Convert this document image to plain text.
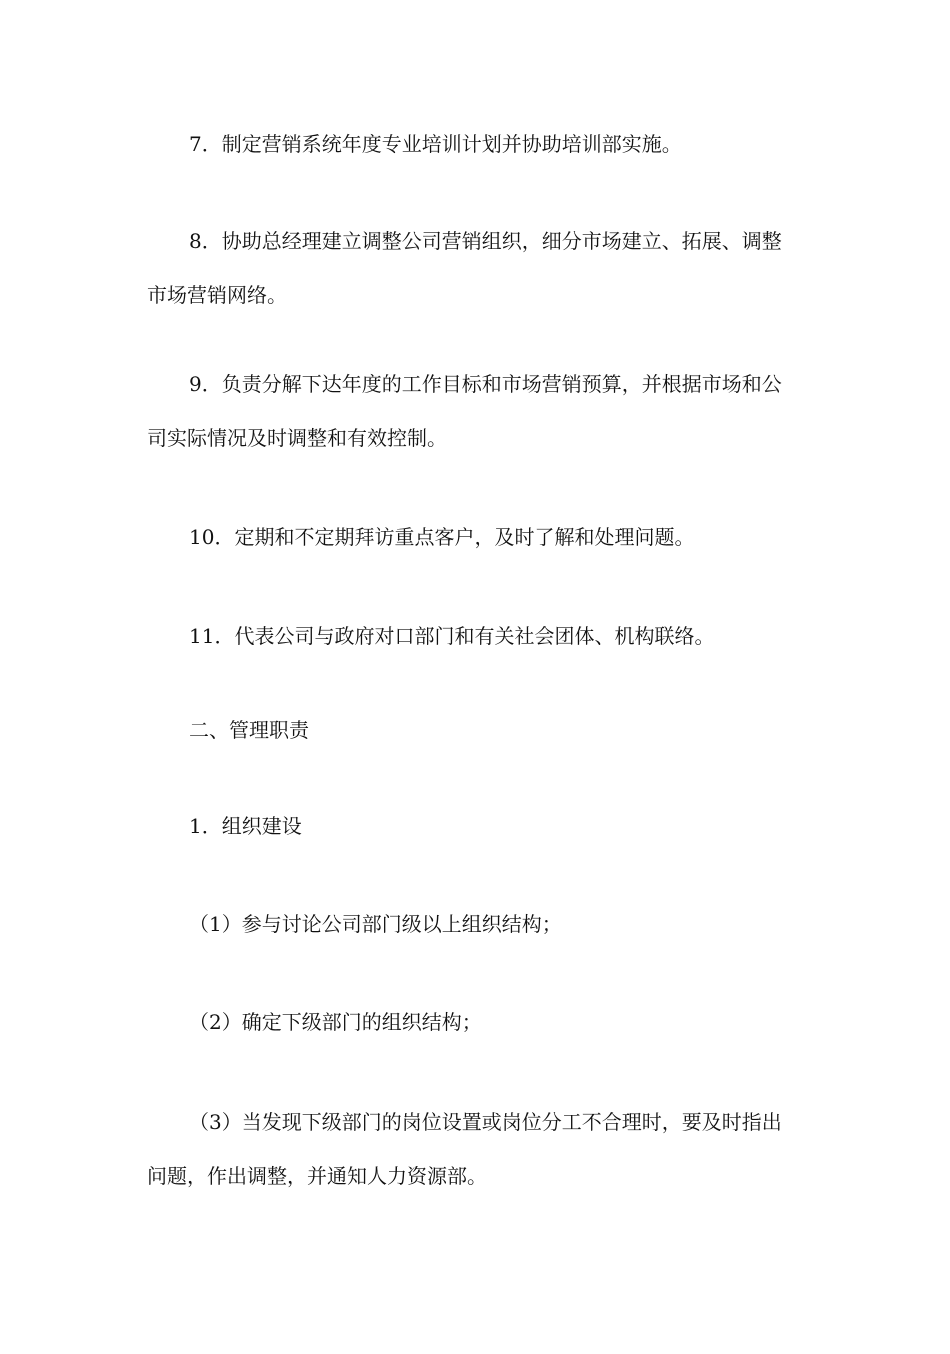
7．制定营销系统年度专业培训计划并协助培训部实施。

8．协助总经理建立调整公司营销组织，细分市场建立、拓展、调整市场营销网络。

9．负责分解下达年度的工作目标和市场营销预算，并根据市场和公司实际情况及时调整和有效控制。

10．定期和不定期拜访重点客户，及时了解和处理问题。

11．代表公司与政府对口部门和有关社会团体、机构联络。

二、管理职责

1．组织建设

（1）参与讨论公司部门级以上组织结构；

（2）确定下级部门的组织结构；

（3）当发现下级部门的岗位设置或岗位分工不合理时，要及时指出问题，作出调整，并通知人力资源部。
